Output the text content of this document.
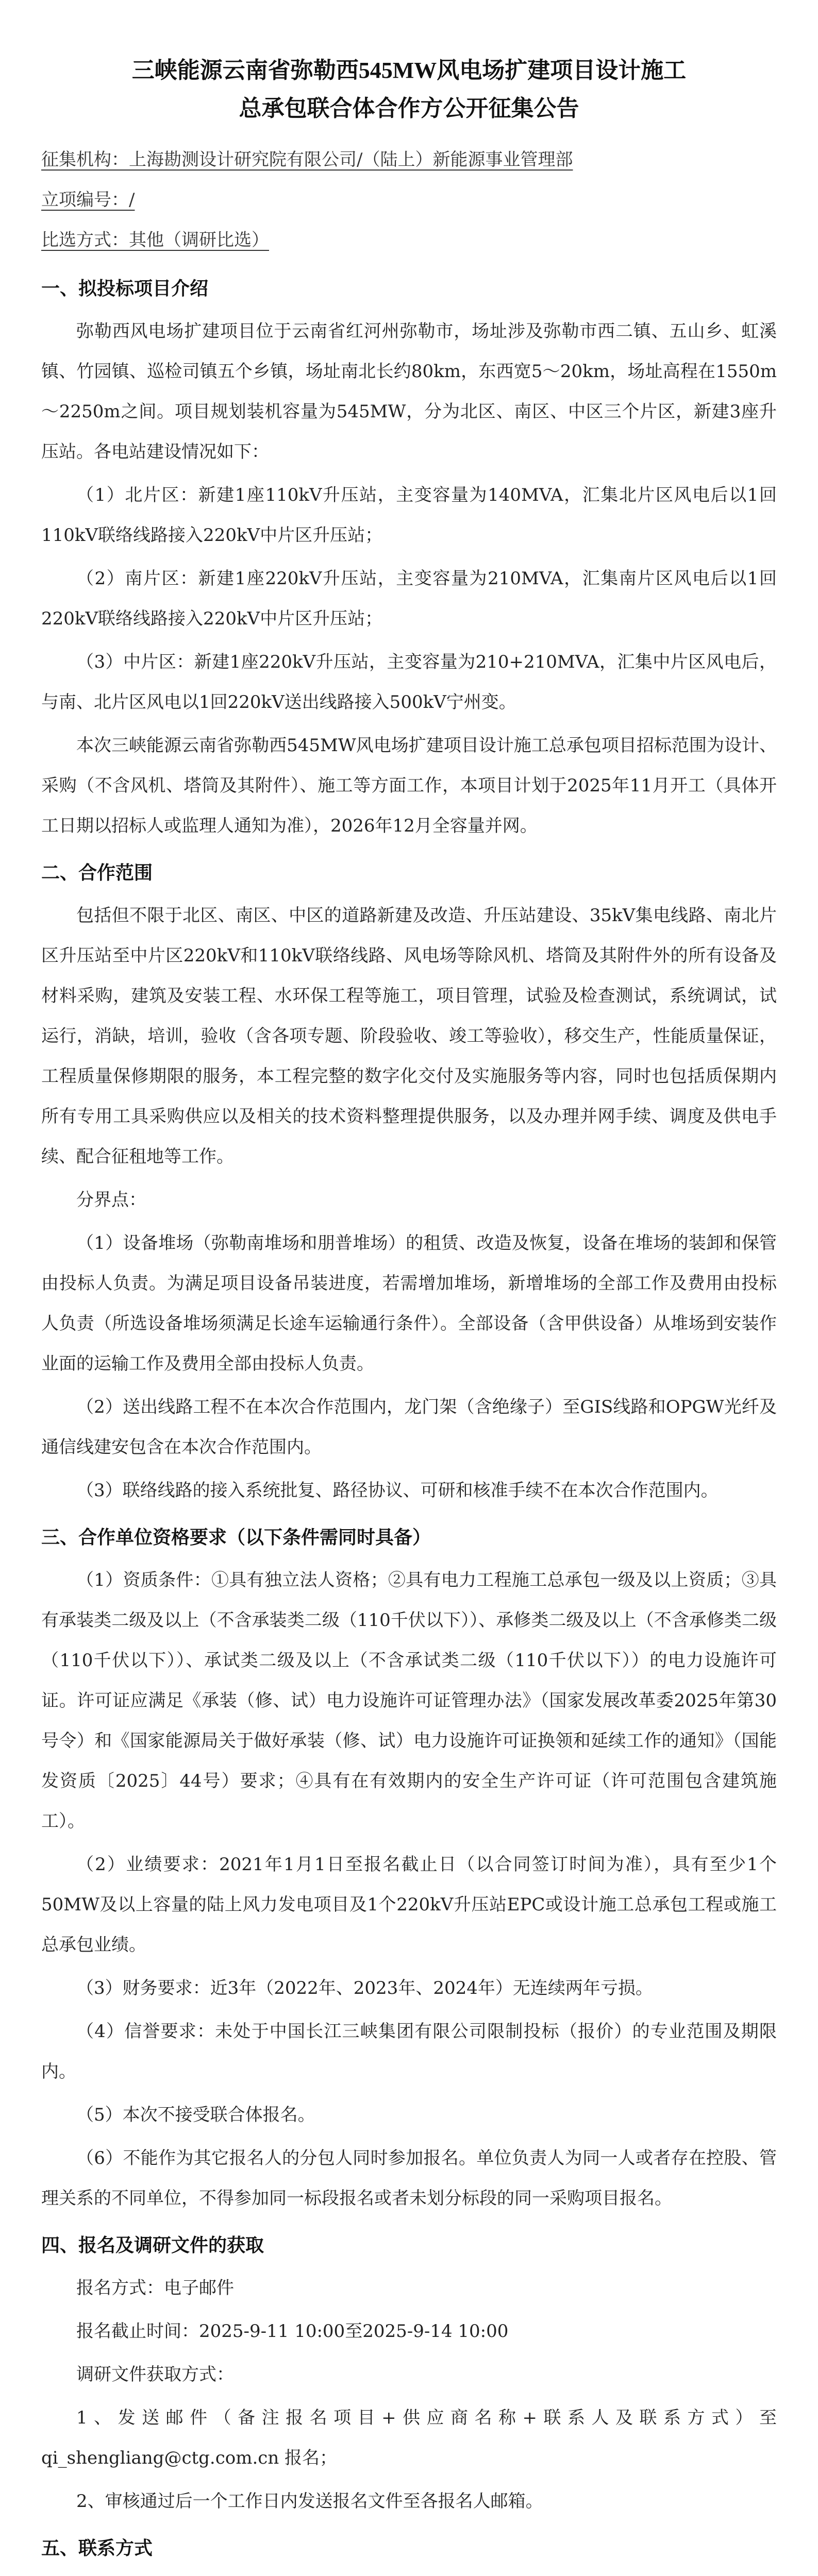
三峡能源云南省弥勒西545MW风电场扩建项目设计施工
总承包联合体合作方公开征集公告
征集机构：上海勘测设计研究院有限公司/（陆上）新能源事业管理部
立项编号：/
比选方式：其他（调研比选）
一、拟投标项目介绍

弥勒西风电场扩建项目位于云南省红河州弥勒市，场址涉及弥勒市西二镇、五山乡、虹溪镇、竹园镇、巡检司镇五个乡镇，场址南北长约80km，东西宽5～20km，场址高程在1550m～2250m之间。项目规划装机容量为545MW，分为北区、南区、中区三个片区，新建3座升压站。各电站建设情况如下：

（1）北片区：新建1座110kV升压站，主变容量为140MVA，汇集北片区风电后以1回110kV联络线路接入220kV中片区升压站；

（2）南片区：新建1座220kV升压站，主变容量为210MVA，汇集南片区风电后以1回220kV联络线路接入220kV中片区升压站；

（3）中片区：新建1座220kV升压站，主变容量为210+210MVA，汇集中片区风电后，与南、北片区风电以1回220kV送出线路接入500kV宁州变。

本次三峡能源云南省弥勒西545MW风电场扩建项目设计施工总承包项目招标范围为设计、采购（不含风机、塔筒及其附件）、施工等方面工作，本项目计划于2025年11月开工（具体开工日期以招标人或监理人通知为准），2026年12月全容量并网。

二、合作范围

包括但不限于北区、南区、中区的道路新建及改造、升压站建设、35kV集电线路、南北片区升压站至中片区220kV和110kV联络线路、风电场等除风机、塔筒及其附件外的所有设备及材料采购，建筑及安装工程、水环保工程等施工，项目管理，试验及检查测试，系统调试，试运行，消缺，培训，验收（含各项专题、阶段验收、竣工等验收），移交生产，性能质量保证，工程质量保修期限的服务，本工程完整的数字化交付及实施服务等内容，同时也包括质保期内所有专用工具采购供应以及相关的技术资料整理提供服务，以及办理并网手续、调度及供电手续、配合征租地等工作。

分界点：

（1）设备堆场（弥勒南堆场和朋普堆场）的租赁、改造及恢复，设备在堆场的装卸和保管由投标人负责。为满足项目设备吊装进度，若需增加堆场，新增堆场的全部工作及费用由投标人负责（所选设备堆场须满足长途车运输通行条件）。全部设备（含甲供设备）从堆场到安装作业面的运输工作及费用全部由投标人负责。

（2）送出线路工程不在本次合作范围内，龙门架（含绝缘子）至GIS线路和OPGW光纤及通信线建安包含在本次合作范围内。

（3）联络线路的接入系统批复、路径协议、可研和核准手续不在本次合作范围内。

三、合作单位资格要求（以下条件需同时具备）

（1）资质条件：①具有独立法人资格；②具有电力工程施工总承包一级及以上资质；③具有承装类二级及以上（不含承装类二级（110千伏以下））、承修类二级及以上（不含承修类二级（110千伏以下））、承试类二级及以上（不含承试类二级（110千伏以下））的电力设施许可证。许可证应满足《承装（修、试）电力设施许可证管理办法》（国家发展改革委2025年第30号令）和《国家能源局关于做好承装（修、试）电力设施许可证换领和延续工作的通知》（国能发资质〔2025〕44号）要求；④具有在有效期内的安全生产许可证（许可范围包含建筑施工）。

（2）业绩要求：2021年1月1日至报名截止日（以合同签订时间为准），具有至少1个50MW及以上容量的陆上风力发电项目及1个220kV升压站EPC或设计施工总承包工程或施工总承包业绩。

（3）财务要求：近3年（2022年、2023年、2024年）无连续两年亏损。

（4）信誉要求：未处于中国长江三峡集团有限公司限制投标（报价）的专业范围及期限内。

（5）本次不接受联合体报名。

（6）不能作为其它报名人的分包人同时参加报名。单位负责人为同一人或者存在控股、管理关系的不同单位，不得参加同一标段报名或者未划分标段的同一采购项目报名。

四、报名及调研文件的获取

报名方式：电子邮件

报名截止时间：2025-9-11 10:00至2025-9-14 10:00

调研文件获取方式：

1、发送邮件（备注报名项目+供应商名称+联系人及联系方式）至qi_shengliang@ctg.com.cn 报名；

2、审核通过后一个工作日内发送报名文件至各报名人邮箱。

五、联系方式
